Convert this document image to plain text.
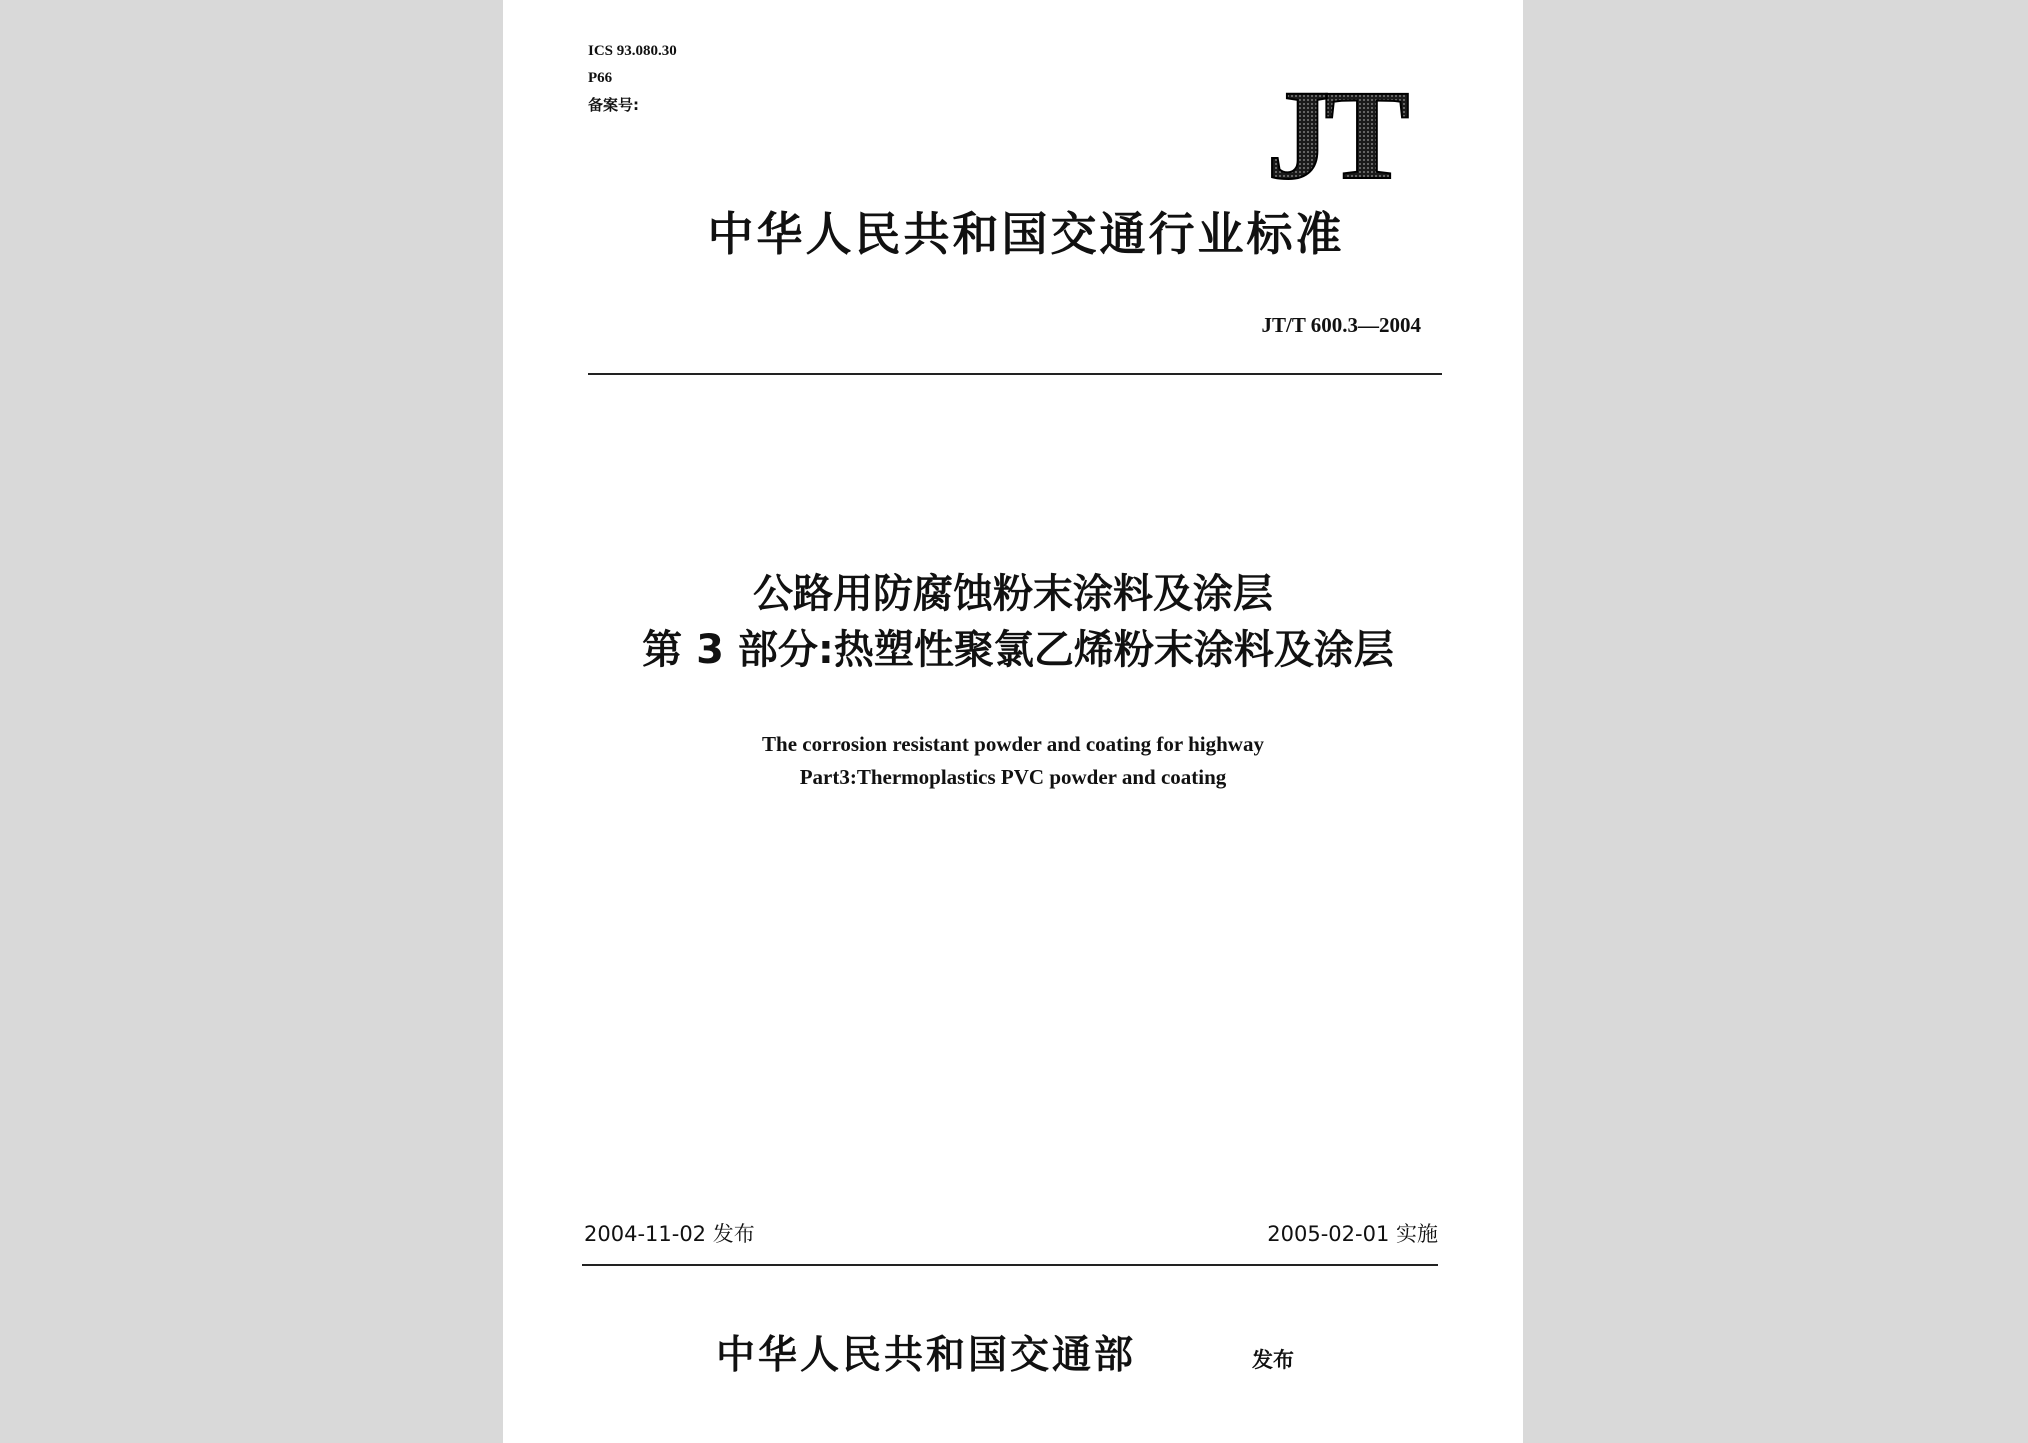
ICS 93.080.30
P66
备案号:	JT
中华人民共和国交通行业标准
JT/T 600.3—2004
公路用防腐蚀粉末涂料及涂层
第 3 部分:热塑性聚氯乙烯粉末涂料及涂层
The corrosion resistant powder and coating for highway
Part3:Thermoplastics PVC powder and coating
2004-11-02 发布	2005-02-01 实施
中华人民共和国交通部	发布
